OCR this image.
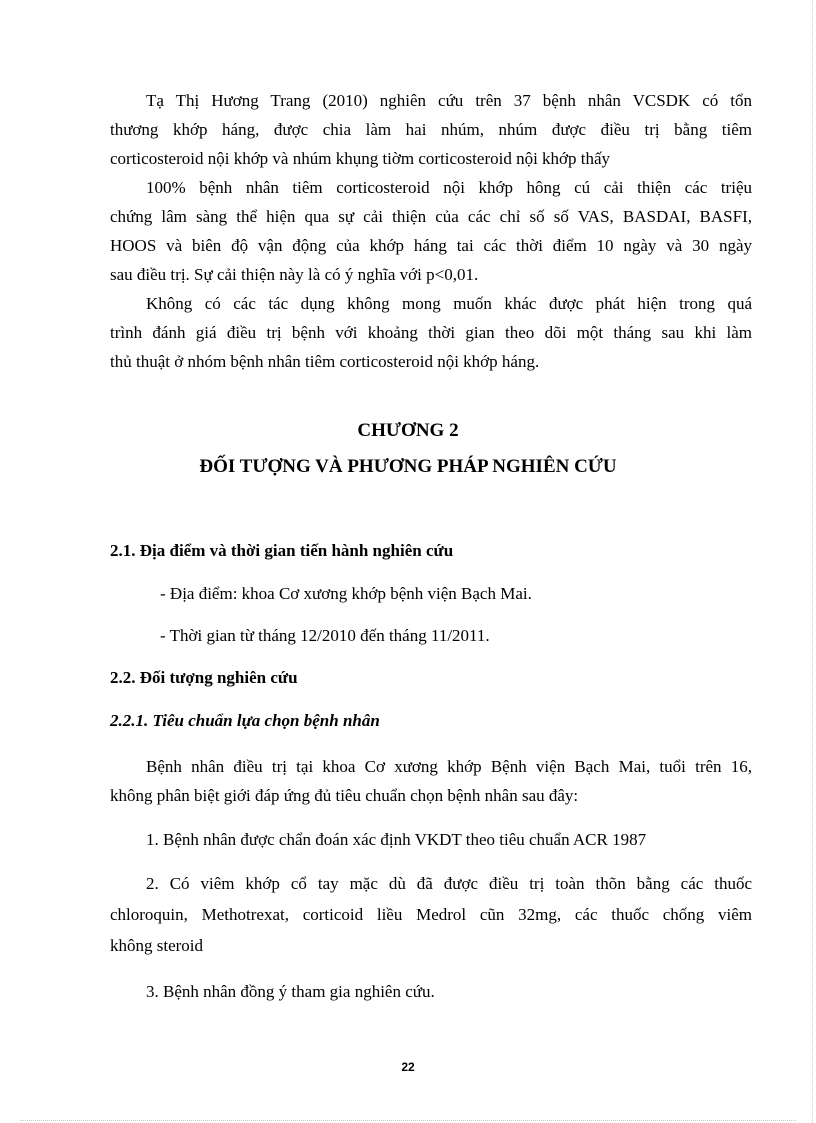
Tạ Thị Hương Trang (2010) nghiên cứu trên 37 bệnh nhân VCSDK có tổn
thương khớp háng, được chia làm hai nhúm, nhúm được điều trị bằng tiêm
corticosteroid nội khớp và nhúm khụng tiờm corticosteroid nội khớp thấy
100% bệnh nhân tiêm corticosteroid nội khớp hông cú cải thiện các triệu
chứng lâm sàng thể hiện qua sự cải thiện của các chỉ số số VAS, BASDAI, BASFI,
HOOS và biên độ vận động của khớp háng tai các thời điểm 10 ngày và 30 ngày
sau điều trị. Sự cải thiện này là có ý nghĩa với p<0,01.
Không có các tác dụng không mong muốn khác được phát hiện trong quá
trình đánh giá điều trị bệnh với khoảng thời gian theo dõi một tháng sau khi làm
thủ thuật ở nhóm bệnh nhân tiêm corticosteroid nội khớp háng.
CHƯƠNG 2
ĐỐI TƯỢNG VÀ PHƯƠNG PHÁP NGHIÊN CỨU
2.1. Địa điểm và thời gian tiến hành nghiên cứu
- Địa điểm: khoa Cơ xương khớp bệnh viện Bạch Mai.
- Thời gian từ tháng 12/2010 đến tháng 11/2011.
2.2. Đối tượng nghiên cứu
2.2.1. Tiêu chuẩn lựa chọn bệnh nhân
Bệnh nhân điều trị tại khoa Cơ xương khớp Bệnh viện Bạch Mai, tuổi trên 16,
không phân biệt giới đáp ứng đủ tiêu chuẩn chọn bệnh nhân sau đây:
1. Bệnh nhân được chẩn đoán xác định VKDT theo tiêu chuẩn ACR 1987
2. Có viêm khớp cổ tay mặc dù đã được điều trị toàn thõn bằng các thuốc
chloroquin, Methotrexat, corticoid liều Medrol cũn 32mg, các thuốc chống viêm
không steroid
3. Bệnh nhân đồng ý tham gia nghiên cứu.
22
